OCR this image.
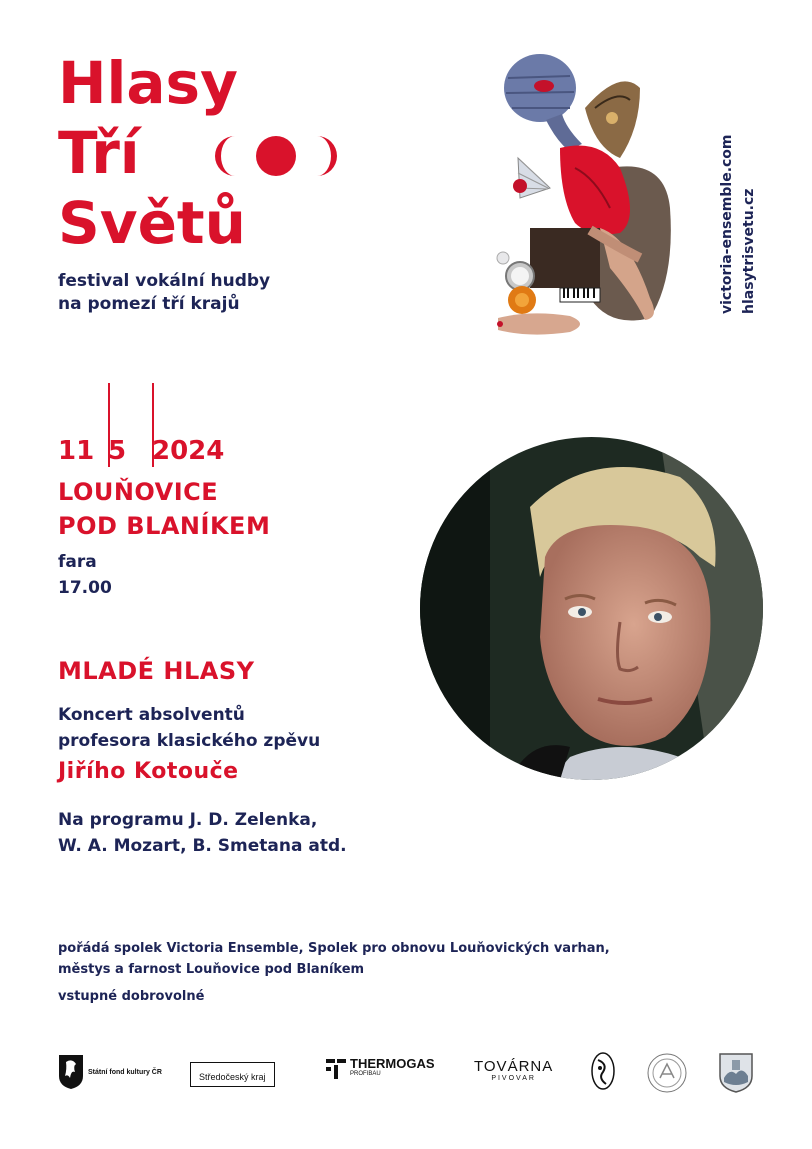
Hlasy
Tří
Světů
festival vokální hudby
na pomezí tří krajů	victoria-ensemble.com hlasytrisvetu.cz
11 5 2024
LOUŇOVICE
POD BLANÍKEM
fara
17.00
MLADÉ HLASY
Koncert absolventů
profesora klasického zpěvu
Jiřího Kotouče
Na programu J. D. Zelenka,
W. A. Mozart, B. Smetana atd.
pořádá spolek Victoria Ensemble, Spolek pro obnovu Louňovických varhan,
městys a farnost Louňovice pod Blaníkem
vstupné dobrovolné
Státní fond kultury ČR	Středočeský kraj
THERMOGAS
PROFIBAU	TOVÁRNA
PIVOVAR
